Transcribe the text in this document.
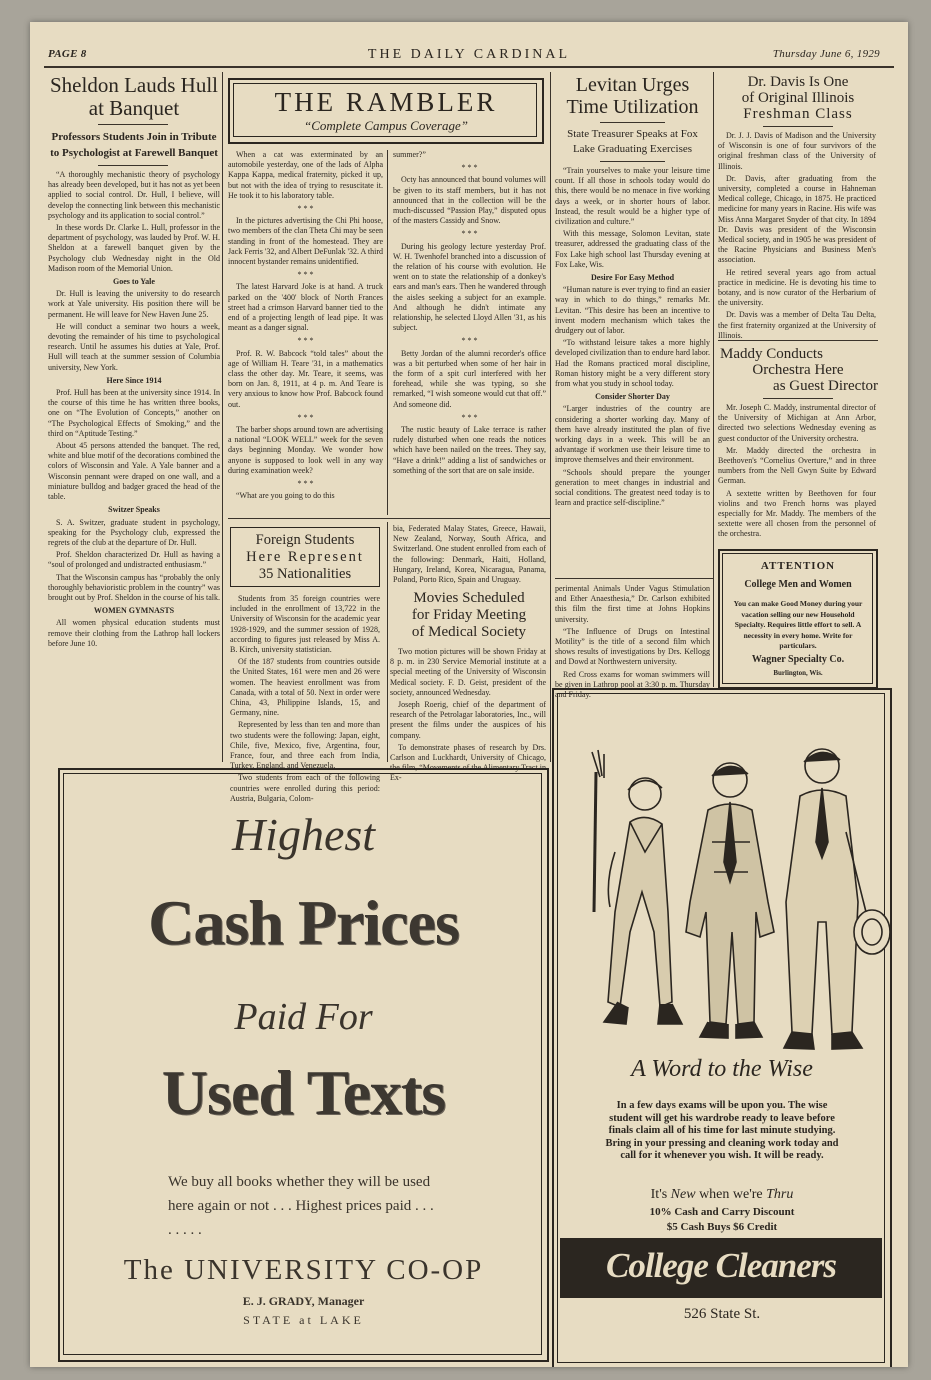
PAGE 8	THE DAILY CARDINAL	Thursday June 6, 1929
Sheldon Lauds Hull at Banquet
Professors Students Join in Tribute to Psychologist at Farewell Banquet

“A thoroughly mechanistic theory of psychology has already been developed, but it has not as yet been applied to social control. Dr. Hull, I believe, will develop the connecting link between this mechanistic psychology and its application to social control.”

In these words Dr. Clarke L. Hull, professor in the department of psychology, was lauded by Prof. W. H. Sheldon at a farewell banquet given by the Psychology club Wednesday night in the Old Madison room of the Memorial Union.

Goes to Yale

Dr. Hull is leaving the university to do research work at Yale university. His position there will be permanent. He will leave for New Haven June 25.

He will conduct a seminar two hours a week, devoting the remainder of his time to psychological research. Until he assumes his duties at Yale, Prof. Hull will teach at the summer session of Columbia university, New York.

Here Since 1914

Prof. Hull has been at the university since 1914. In the course of this time he has written three books, one on “The Evolution of Concepts,” another on “The Psychological Effects of Smoking,” and the third on “Aptitude Testing.”

About 45 persons attended the banquet. The red, white and blue motif of the decorations combined the colors of Wisconsin and Yale. A Yale banner and a Wisconsin pennant were draped on one wall, and a miniature bulldog and badger graced the head of the table.

Switzer Speaks

S. A. Switzer, graduate student in psychology, speaking for the Psychology club, expressed the regrets of the club at the departure of Dr. Hull.

Prof. Sheldon characterized Dr. Hull as having a “soul of prolonged and undistracted enthusiasm.”

That the Wisconsin campus has “probably the only thoroughly behavioristic problem in the country” was brought out by Prof. Sheldon in the course of his talk.

WOMEN GYMNASTS

All women physical education students must remove their clothing from the Lathrop hall lockers before June 10.

THE RAMBLER
“Complete Campus Coverage”

When a cat was exterminated by an automobile yesterday, one of the lads of Alpha Kappa Kappa, medical fraternity, picked it up, but not with the idea of trying to resuscitate it. He took it to his laboratory table.

* * *

In the pictures advertising the Chi Phi hoose, two members of the clan Theta Chi may be seen standing in front of the homestead. They are Jack Ferris '32, and Albert DeFunlak '32. A third innocent bystander remains unidentified.

* * *

The latest Harvard Joke is at hand. A truck parked on the '400' block of North Frances street had a crimson Harvard banner tied to the end of a projecting length of lead pipe. It was meant as a danger signal.

* * *

Prof. R. W. Babcock “told tales” about the age of William H. Teare '31, in a mathematics class the other day. Mr. Teare, it seems, was born on Jan. 8, 1911, at 4 p. m. And Teare is very anxious to know how Prof. Babcock found out.

* * *

The barber shops around town are advertising a national “LOOK WELL” week for the seven days beginning Monday. We wonder how anyone is supposed to look well in any way during examination week?

* * *

“What are you going to do this

summer?”

* * *

Octy has announced that bound volumes will be given to its staff members, but it has not announced that in the collection will be the much-discussed “Passion Play,” disputed opus of the masters Cassidy and Snow.

* * *

During his geology lecture yesterday Prof. W. H. Twenhofel branched into a discussion of the relation of his course with evolution. He went on to state the relationship of a donkey's ears and man's ears. Then he wandered through the aisles seeking a subject for an example. And although he didn't intimate any relationship, he selected Lloyd Allen '31, as his subject.

* * *

Betty Jordan of the alumni recorder's office was a bit perturbed when some of her hair in the form of a spit curl interfered with her forehead, while she was typing, so she remarked, “I wish someone would cut that off.” And someone did.

* * *

The rustic beauty of Lake terrace is rather rudely disturbed when one reads the notices which have been nailed on the trees. They say, “Have a drink!” adding a list of sandwiches or something of the sort that are on sale inside.

Foreign Students
Here Represent
35 Nationalities

Students from 35 foreign countries were included in the enrollment of 13,722 in the University of Wisconsin for the academic year 1928-1929, and the summer session of 1928, according to figures just released by Miss A. B. Kirch, university statistician.

Of the 187 students from countries outside the United States, 161 were men and 26 were women. The heaviest enrollment was from Canada, with a total of 50. Next in order were China, 43, Philippine Islands, 15, and Germany, nine.

Represented by less than ten and more than two students were the following: Japan, eight, Chile, five, Mexico, five, Argentina, four, France, four, and three each from India, Turkey, England, and Venezuela.

Two students from each of the following countries were enrolled during this period: Austria, Bulgaria, Colom-

bia, Federated Malay States, Greece, Hawaii, New Zealand, Norway, South Africa, and Switzerland. One student enrolled from each of the following: Denmark, Haiti, Holland, Hungary, Ireland, Korea, Nicaragua, Panama, Poland, Porto Rico, Spain and Uruguay.

Movies Scheduled
for Friday Meeting
of Medical Society

Two motion pictures will be shown Friday at 8 p. m. in 230 Service Memorial institute at a special meeting of the University of Wisconsin Medical society. F. D. Geist, president of the society, announced Wednesday.

Joseph Roerig, chief of the department of research of the Petrolagar laboratories, Inc., will present the films under the auspices of his company.

To demonstrate phases of research by Drs. Carlson and Luckhardt, University of Chicago, the film, “Movements of the Alimentary Tract in Ex-

Levitan Urges
Time Utilization
State Treasurer Speaks at Fox Lake Graduating Exercises

“Train yourselves to make your leisure time count. If all those in schools today would do this, there would be no menace in five working days a week, or in shorter hours of labor. Instead, the result would be a higher type of civilization and culture.”

With this message, Solomon Levitan, state treasurer, addressed the graduating class of the Fox Lake high school last Thursday evening at Fox Lake, Wis.

Desire For Easy Method

“Human nature is ever trying to find an easier way in which to do things,” remarks Mr. Levitan. “This desire has been an incentive to invent modern mechanism which takes the drudgery out of labor.

“To withstand leisure takes a more highly developed civilization than to endure hard labor. Had the Romans practiced moral discipline, Roman history might be a very different story from what you study in school today.

Consider Shorter Day

“Larger industries of the country are considering a shorter working day. Many of them have already instituted the plan of five working days in a week. This will be an advantage if workmen use their leisure time to improve themselves and their environment.

“Schools should prepare the younger generation to meet changes in industrial and social conditions. The greatest need today is to learn and practice self-discipline.”

perimental Animals Under Vagus Stimulation and Ether Anaesthesia,” Dr. Carlson exhibited this film the first time at Johns Hopkins university.

“The Influence of Drugs on Intestinal Motility” is the title of a second film which shows results of investigations by Drs. Kellogg and Dowd at Northwestern university.

Red Cross exams for woman swimmers will be given in Lathrop pool at 3:30 p. m. Thursday and Friday.

Dr. Davis Is One
of Original Illinois
Freshman Class

Dr. J. J. Davis of Madison and the University of Wisconsin is one of four survivors of the original freshman class of the University of Illinois.

Dr. Davis, after graduating from the university, completed a course in Hahneman Medical college, Chicago, in 1875. He practiced medicine for many years in Racine. His wife was Miss Anna Margaret Snyder of that city. In 1894 Dr. Davis was president of the Wisconsin Medical society, and in 1905 he was president of the Racine Physicians and Business Men's association.

He retired several years ago from actual practice in medicine. He is devoting his time to botany, and is now curator of the Herbarium of the university.

Dr. Davis was a member of Delta Tau Delta, the first fraternity organized at the University of Illinois.

Maddy Conducts
Orchestra Here
as Guest Director

Mr. Joseph C. Maddy, instrumental director of the University of Michigan at Ann Arbor, directed two selections Wednesday evening as guest conductor of the University orchestra.

Mr. Maddy directed the orchestra in Beethoven's “Cornelius Overture,” and in three numbers from the Nell Gwyn Suite by Edward German.

A sextette written by Beethoven for four violins and two French horns was played especially for Mr. Maddy. The members of the sextette were all chosen from the personnel of the orchestra.

ATTENTION
College Men and Women
You can make Good Money during your vacation selling our new Household Specialty. Requires little effort to sell. A necessity in every home. Write for particulars.
Wagner Specialty Co.
Burlington, Wis.
Highest
Cash Prices
Paid For
Used Texts
We buy all books whether they will be used here again or not . . . Highest prices paid . . . . . . . .
The UNIVERSITY CO-OP
E. J. GRADY, Manager
STATE at LAKE
A Word to the Wise
In a few days exams will be upon you. The wise student will get his wardrobe ready to leave before finals claim all of his time for last minute studying. Bring in your pressing and cleaning work today and call for it whenever you wish. It will be ready.
It's New when we're Thru
10% Cash and Carry Discount
$5 Cash Buys $6 Credit
College Cleaners
526 State St.
